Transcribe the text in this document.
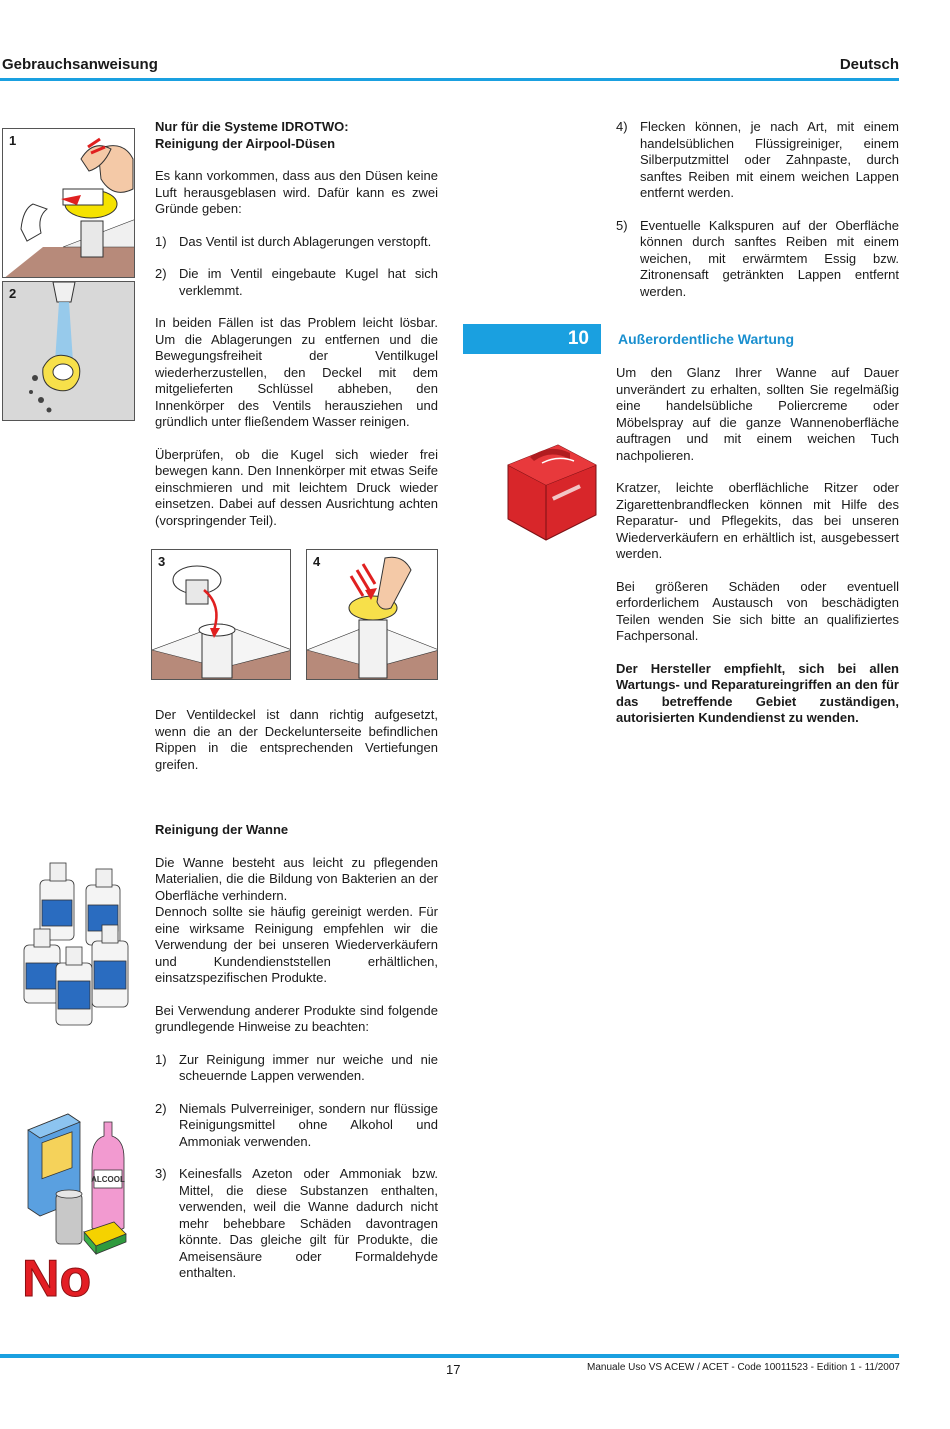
Gebrauchsanweisung	Deutsch
1
2
Nur für die Systeme IDROTWO:
Reinigung der Airpool-Düsen
Es kann vorkommen, dass aus den Düsen keine Luft herausgeblasen wird. Dafür kann es zwei Gründe geben:
1) Das Ventil ist durch Ablagerungen verstopft.
2) Die im Ventil eingebaute Kugel hat sich verklemmt.
In beiden Fällen ist das Problem leicht lösbar. Um die Ablagerungen zu entfernen und die Bewegungsfreiheit der Ventilkugel wiederherzustellen, den Deckel mit dem mitgelieferten Schlüssel abheben, den Innenkörper des Ventils herausziehen und gründlich unter fließendem Wasser reinigen.
Überprüfen, ob die Kugel sich wieder frei bewegen kann. Den Innenkörper mit etwas Seife einschmieren und mit leichtem Druck wieder einsetzen. Dabei auf dessen Ausrichtung achten (vorspringender Teil).
3	4
Der Ventildeckel ist dann richtig aufgesetzt, wenn die an der Deckelunterseite befindlichen Rippen in die entsprechenden Vertiefungen greifen.
4) Flecken können, je nach Art, mit einem handelsüblichen Flüssigreiniger, einem Silberputzmittel oder Zahnpaste, durch sanftes Reiben mit einem weichen Lappen entfernt werden.
5) Eventuelle Kalkspuren auf der Oberfläche können durch sanftes Reiben mit einem weichen, mit erwärmtem Essig bzw. Zitronensaft getränkten Lappen entfernt werden.
10	Außerordentliche Wartung
Um den Glanz Ihrer Wanne auf Dauer unverändert zu erhalten, sollten Sie regelmäßig eine handelsübliche Poliercreme oder Möbelspray auf die ganze Wannenoberfläche auftragen und mit einem weichen Tuch nachpolieren.
Kratzer, leichte oberflächliche Ritzer oder Zigarettenbrandflecken können mit Hilfe des Reparatur- und Pflegekits, das bei unseren Wiederverkäufern en erhältlich ist, ausgebessert werden.
Bei größeren Schäden oder eventuell erforderlichem Austausch von beschädigten Teilen wenden Sie sich bitte an qualifiziertes Fachpersonal.
Der Hersteller empfiehlt, sich bei allen Wartungs- und Reparatureingriffen an den für das betreffende Gebiet zuständigen, autorisierten Kundendienst zu wenden.
Reinigung der Wanne
Die Wanne besteht aus leicht zu pflegenden Materialien, die die Bildung von Bakterien an der Oberfläche verhindern.
Dennoch sollte sie häufig gereinigt werden. Für eine wirksame Reinigung empfehlen wir die Verwendung der bei unseren Wiederverkäufern und Kundendienststellen erhältlichen, einsatzspezifischen Produkte.
Bei Verwendung anderer Produkte sind folgende grundlegende Hinweise zu beachten:
1) Zur Reinigung immer nur weiche und nie scheuernde Lappen verwenden.
2) Niemals Pulverreiniger, sondern nur flüssige Reinigungsmittel ohne Alkohol und Ammoniak verwenden.
3) Keinesfalls Azeton oder Ammoniak bzw. Mittel, die diese Substanzen enthalten, verwenden, weil die Wanne dadurch nicht mehr behebbare Schäden davontragen könnte. Das gleiche gilt für Produkte, die Ameisensäure oder Formaldehyde enthalten.
ALCOOL
No
17	Manuale Uso VS ACEW / ACET - Code 10011523 - Edition 1 - 11/2007
